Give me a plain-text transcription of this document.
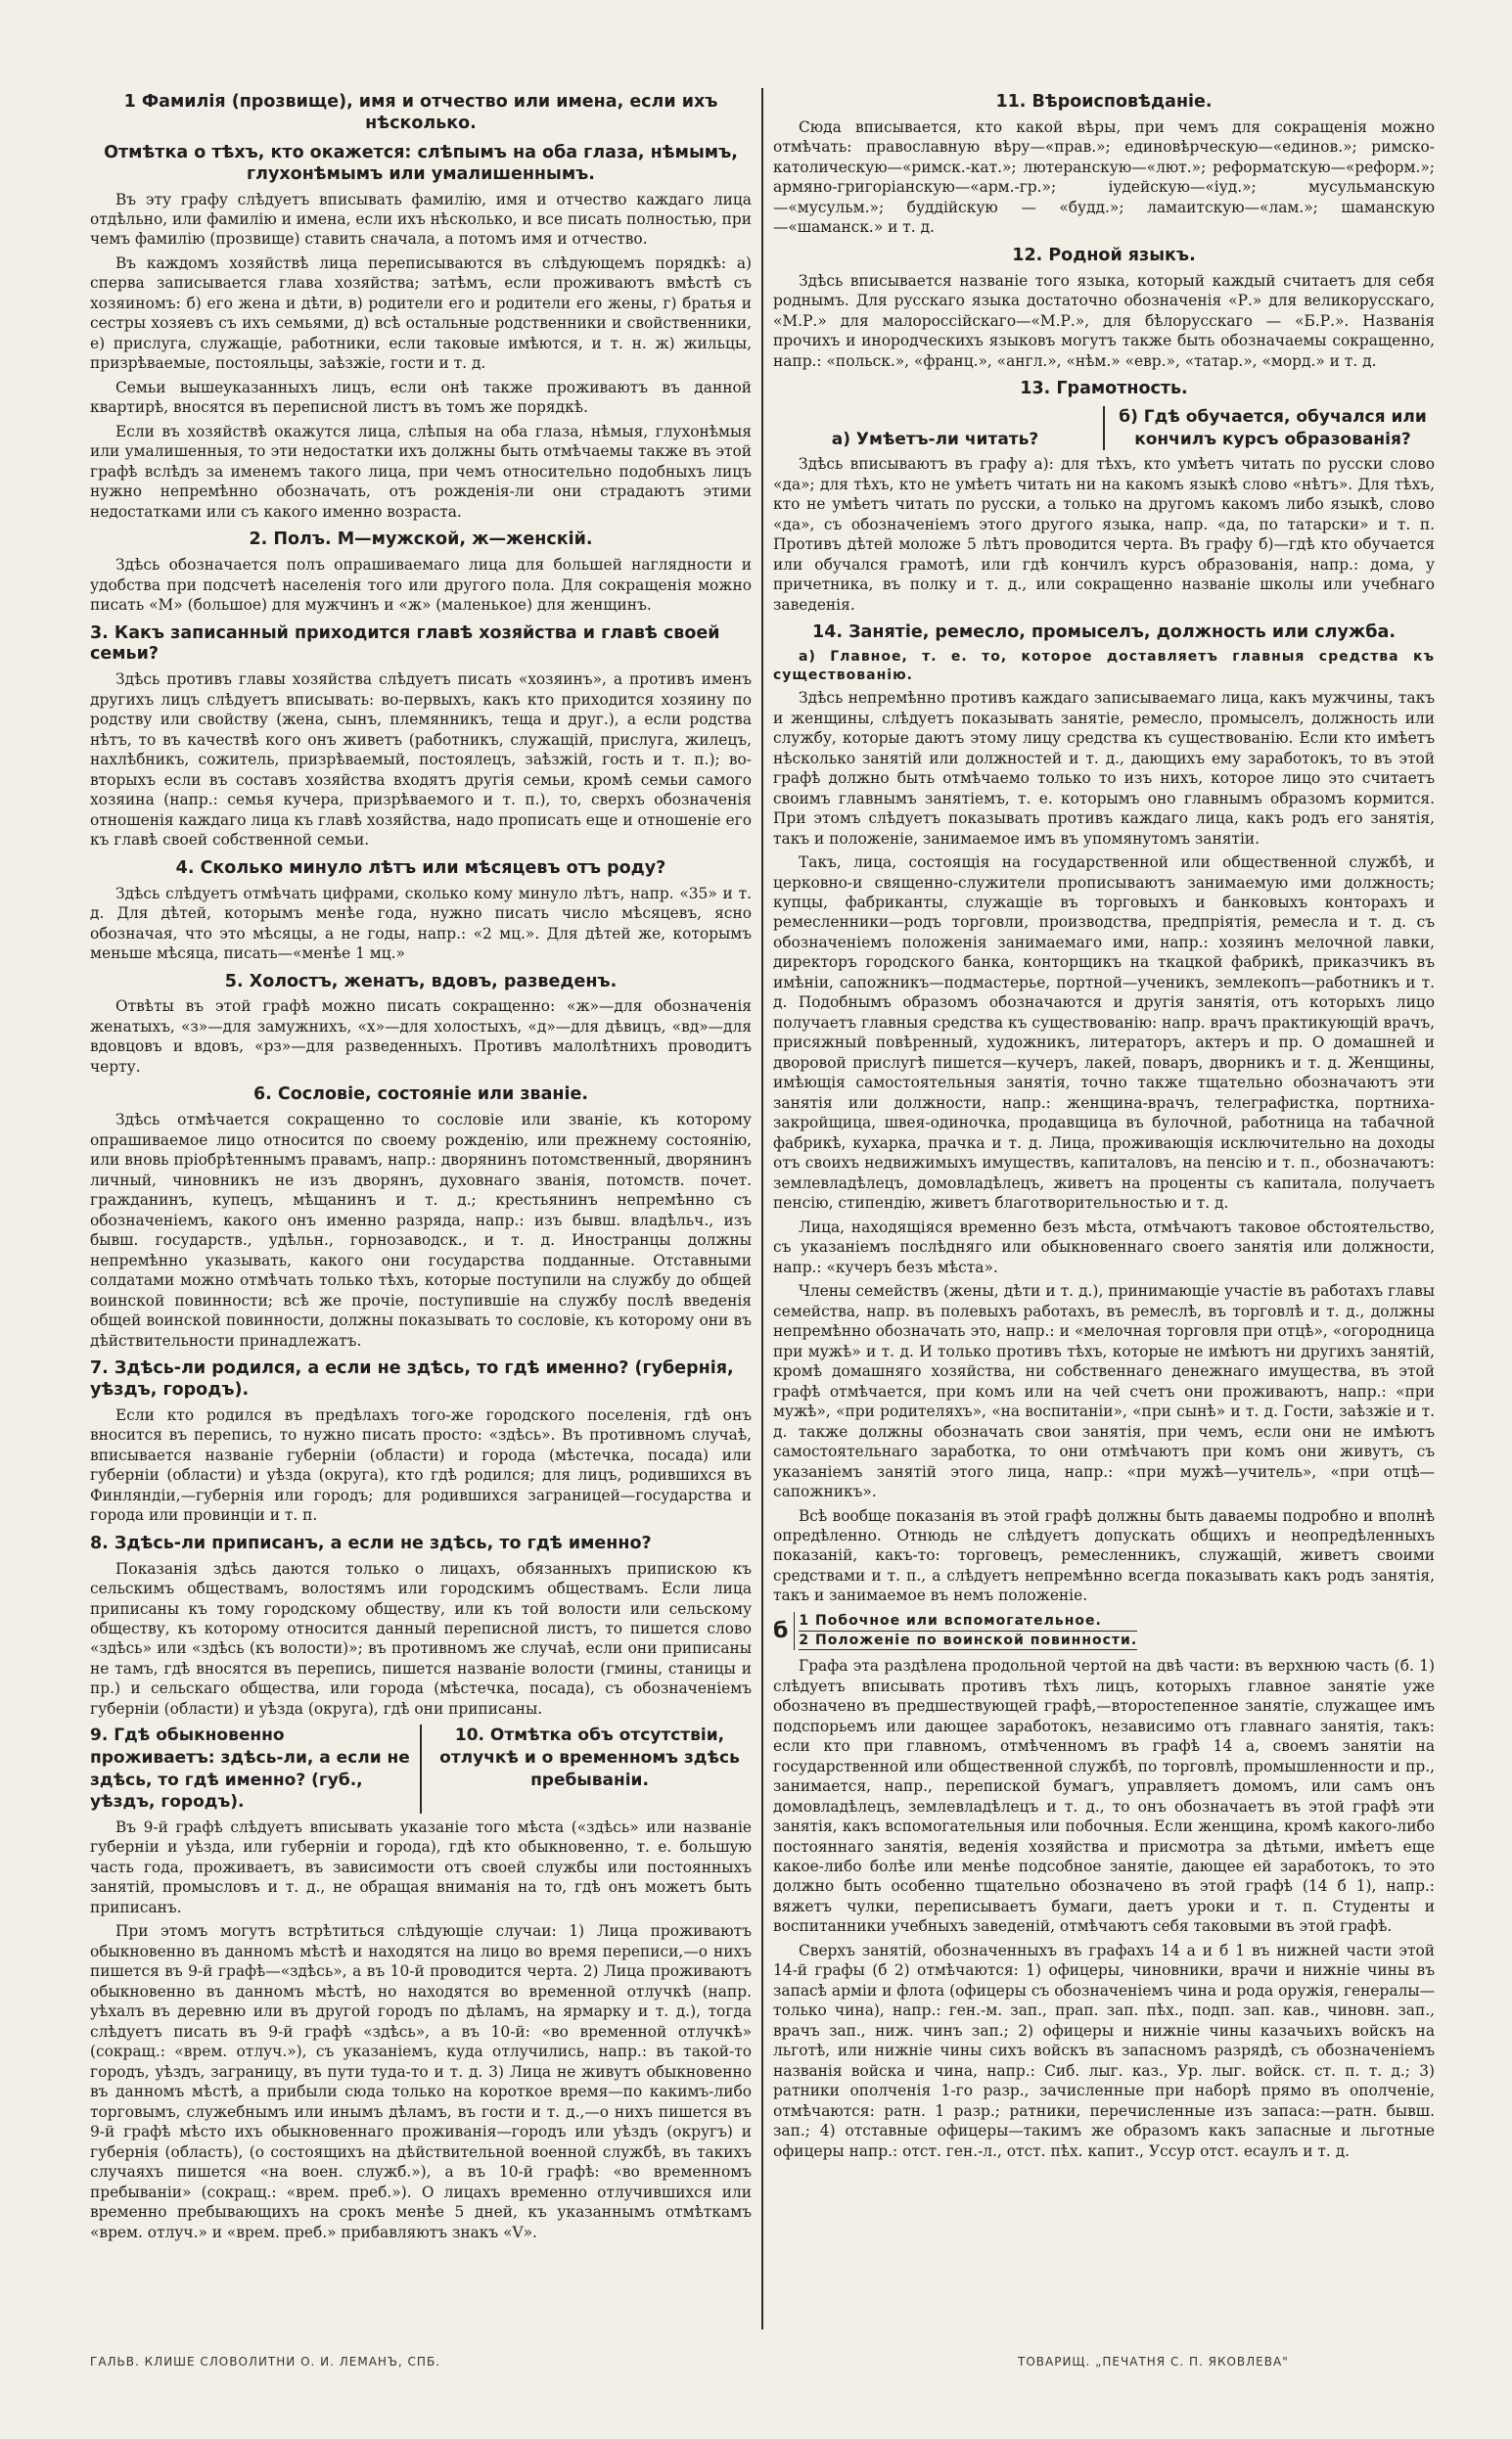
1 Фамилія (прозвище), имя и отчество или имена, если ихъ нѣсколько.
Отмѣтка о тѣхъ, кто окажется: слѣпымъ на оба глаза, нѣмымъ, глухонѣмымъ или умалишеннымъ.

Въ эту графу слѣдуетъ вписывать фамилію, имя и отчество каждаго лица отдѣльно, или фамилію и имена, если ихъ нѣсколько, и все писать полностью, при чемъ фамилію (прозвище) ставить сначала, а потомъ имя и отчество.

Въ каждомъ хозяйствѣ лица переписываются въ слѣдующемъ порядкѣ: а) сперва записывается глава хозяйства; затѣмъ, если проживаютъ вмѣстѣ съ хозяиномъ: б) его жена и дѣти, в) родители его и родители его жены, г) братья и сестры хозяевъ съ ихъ семьями, д) всѣ остальные родственники и свойственники, е) прислуга, служащіе, работники, если таковые имѣются, и т. н. ж) жильцы, призрѣваемые, постояльцы, заѣзжіе, гости и т. д.

Семьи вышеуказанныхъ лицъ, если онѣ также проживаютъ въ данной квартирѣ, вносятся въ переписной листъ въ томъ же порядкѣ.

Если въ хозяйствѣ окажутся лица, слѣпыя на оба глаза, нѣмыя, глухонѣмыя или умалишенныя, то эти недостатки ихъ должны быть отмѣчаемы также въ этой графѣ вслѣдъ за именемъ такого лица, при чемъ относительно подобныхъ лицъ нужно непремѣнно обозначать, отъ рожденія-ли они страдаютъ этими недостатками или съ какого именно возраста.

2. Полъ. М—мужской, ж—женскій.

Здѣсь обозначается полъ опрашиваемаго лица для большей наглядности и удобства при подсчетѣ населенія того или другого пола. Для сокращенія можно писать «М» (большое) для мужчинъ и «ж» (маленькое) для женщинъ.

3. Какъ записанный приходится главѣ хозяйства и главѣ своей семьи?

Здѣсь противъ главы хозяйства слѣдуетъ писать «хозяинъ», а противъ именъ другихъ лицъ слѣдуетъ вписывать: во-первыхъ, какъ кто приходится хозяину по родству или свойству (жена, сынъ, племянникъ, теща и друг.), а если родства нѣтъ, то въ качествѣ кого онъ живетъ (работникъ, служащій, прислуга, жилецъ, нахлѣбникъ, сожитель, призрѣваемый, постоялецъ, заѣзжій, гость и т. п.); во-вторыхъ если въ составъ хозяйства входятъ другія семьи, кромѣ семьи самого хозяина (напр.: семья кучера, призрѣваемого и т. п.), то, сверхъ обозначенія отношенія каждаго лица къ главѣ хозяйства, надо прописать еще и отношеніе его къ главѣ своей собственной семьи.

4. Сколько минуло лѣтъ или мѣсяцевъ отъ роду?

Здѣсь слѣдуетъ отмѣчать цифрами, сколько кому минуло лѣтъ, напр. «35» и т. д. Для дѣтей, которымъ менѣе года, нужно писать число мѣсяцевъ, ясно обозначая, что это мѣсяцы, а не годы, напр.: «2 мц.». Для дѣтей же, которымъ меньше мѣсяца, писать—«менѣе 1 мц.»

5. Холостъ, женатъ, вдовъ, разведенъ.

Отвѣты въ этой графѣ можно писать сокращенно: «ж»—для обозначенія женатыхъ, «з»—для замужнихъ, «х»—для холостыхъ, «д»—для дѣвицъ, «вд»—для вдовцовъ и вдовъ, «рз»—для разведенныхъ. Противъ малолѣтнихъ проводитъ черту.

6. Сословіе, состояніе или званіе.

Здѣсь отмѣчается сокращенно то сословіе или званіе, къ которому опрашиваемое лицо относится по своему рожденію, или прежнему состоянію, или вновь пріобрѣтеннымъ правамъ, напр.: дворянинъ потомственный, дворянинъ личный, чиновникъ не изъ дворянъ, духовнаго званія, потомств. почет. гражданинъ, купецъ, мѣщанинъ и т. д.; крестьянинъ непремѣнно съ обозначеніемъ, какого онъ именно разряда, напр.: изъ бывш. владѣльч., изъ бывш. государств., удѣльн., горнозаводск., и т. д. Иностранцы должны непремѣнно указывать, какого они государства подданные. Отставными солдатами можно отмѣчать только тѣхъ, которые поступили на службу до общей воинской повинности; всѣ же прочіе, поступившіе на службу послѣ введенія общей воинской повинности, должны показывать то сословіе, къ которому они въ дѣйствительности принадлежатъ.

7. Здѣсь-ли родился, а если не здѣсь, то гдѣ именно? (губернія, уѣздъ, городъ).

Если кто родился въ предѣлахъ того-же городского поселенія, гдѣ онъ вносится въ перепись, то нужно писать просто: «здѣсь». Въ противномъ случаѣ, вписывается названіе губерніи (области) и города (мѣстечка, посада) или губерніи (области) и уѣзда (округа), кто гдѣ родился; для лицъ, родившихся въ Финляндіи,—губернія или городъ; для родившихся заграницей—государства и города или провинціи и т. п.

8. Здѣсь-ли приписанъ, а если не здѣсь, то гдѣ именно?

Показанія здѣсь даются только о лицахъ, обязанныхъ припискою къ сельскимъ обществамъ, волостямъ или городскимъ обществамъ. Если лица приписаны къ тому городскому обществу, или къ той волости или сельскому обществу, къ которому относится данный переписной листъ, то пишется слово «здѣсь» или «здѣсь (къ волости)»; въ противномъ же случаѣ, если они приписаны не тамъ, гдѣ вносятся въ перепись, пишется названіе волости (гмины, станицы и пр.) и сельскаго общества, или города (мѣстечка, посада), съ обозначеніемъ губерніи (области) и уѣзда (округа), гдѣ они приписаны.

9. Гдѣ обыкновенно проживаетъ: здѣсь-ли, а если не здѣсь, то гдѣ именно? (губ., уѣздъ, городъ).
10. Отмѣтка объ отсутствіи, отлучкѣ и о временномъ здѣсь пребываніи.

Въ 9-й графѣ слѣдуетъ вписывать указаніе того мѣста («здѣсь» или названіе губерніи и уѣзда, или губерніи и города), гдѣ кто обыкновенно, т. е. большую часть года, проживаетъ, въ зависимости отъ своей службы или постоянныхъ занятій, промысловъ и т. д., не обращая вниманія на то, гдѣ онъ можетъ быть приписанъ.

При этомъ могутъ встрѣтиться слѣдующіе случаи: 1) Лица проживаютъ обыкновенно въ данномъ мѣстѣ и находятся на лицо во время переписи,—о нихъ пишется въ 9-й графѣ—«здѣсь», а въ 10-й проводится черта. 2) Лица проживаютъ обыкновенно въ данномъ мѣстѣ, но находятся во временной отлучкѣ (напр. уѣхалъ въ деревню или въ другой городъ по дѣламъ, на ярмарку и т. д.), тогда слѣдуетъ писать въ 9-й графѣ «здѣсь», а въ 10-й: «во временной отлучкѣ» (сокращ.: «врем. отлуч.»), съ указаніемъ, куда отлучились, напр.: въ такой-то городъ, уѣздъ, заграницу, въ пути туда-то и т. д. 3) Лица не живутъ обыкновенно въ данномъ мѣстѣ, а прибыли сюда только на короткое время—по какимъ-либо торговымъ, служебнымъ или инымъ дѣламъ, въ гости и т. д.,—о нихъ пишется въ 9-й графѣ мѣсто ихъ обыкновеннаго проживанія—городъ или уѣздъ (округъ) и губернія (область), (о состоящихъ на дѣйствительной военной службѣ, въ такихъ случаяхъ пишется «на воен. служб.»), а въ 10-й графѣ: «во временномъ пребываніи» (сокращ.: «врем. преб.»). О лицахъ временно отлучившихся или временно пребывающихъ на срокъ менѣе 5 дней, къ указаннымъ отмѣткамъ «врем. отлуч.» и «врем. преб.» прибавляютъ знакъ «V».

11. Вѣроисповѣданіе.

Сюда вписывается, кто какой вѣры, при чемъ для сокращенія можно отмѣчать: православную вѣру—«прав.»; единовѣрческую—«единов.»; римско-католическую—«римск.-кат.»; лютеранскую—«лют.»; реформатскую—«реформ.»; армяно-григоріанскую—«арм.-гр.»; іудейскую—«іуд.»; мусульманскую—«мусульм.»; буддійскую — «будд.»; ламаитскую—«лам.»; шаманскую—«шаманск.» и т. д.

12. Родной языкъ.

Здѣсь вписывается названіе того языка, который каждый считаетъ для себя роднымъ. Для русскаго языка достаточно обозначенія «Р.» для великорусскаго, «М.Р.» для малороссійскаго—«М.Р.», для бѣлорусскаго — «Б.Р.». Названія прочихъ и инородческихъ языковъ могутъ также быть обозначаемы сокращенно, напр.: «польск.», «франц.», «англ.», «нѣм.» «евр.», «татар.», «морд.» и т. д.

13. Грамотность.
а) Умѣетъ-ли читать?
б) Гдѣ обучается, обучался или кончилъ курсъ образованія?

Здѣсь вписываютъ въ графу а): для тѣхъ, кто умѣетъ читать по русски слово «да»; для тѣхъ, кто не умѣетъ читать ни на какомъ языкѣ слово «нѣтъ». Для тѣхъ, кто не умѣетъ читать по русски, а только на другомъ какомъ либо языкѣ, слово «да», съ обозначеніемъ этого другого языка, напр. «да, по татарски» и т. п. Противъ дѣтей моложе 5 лѣтъ проводится черта. Въ графу б)—гдѣ кто обучается или обучался грамотѣ, или гдѣ кончилъ курсъ образованія, напр.: дома, у причетника, въ полку и т. д., или сокращенно названіе школы или учебнаго заведенія.

14. Занятіе, ремесло, промыселъ, должность или служба.

а) Главное, т. е. то, которое доставляетъ главныя средства къ существованію.

Здѣсь непремѣнно противъ каждаго записываемаго лица, какъ мужчины, такъ и женщины, слѣдуетъ показывать занятіе, ремесло, промыселъ, должность или службу, которые даютъ этому лицу средства къ существованію. Если кто имѣетъ нѣсколько занятій или должностей и т. д., дающихъ ему заработокъ, то въ этой графѣ должно быть отмѣчаемо только то изъ нихъ, которое лицо это считаетъ своимъ главнымъ занятіемъ, т. е. которымъ оно главнымъ образомъ кормится. При этомъ слѣдуетъ показывать противъ каждаго лица, какъ родъ его занятія, такъ и положеніе, занимаемое имъ въ упомянутомъ занятіи.

Такъ, лица, состоящія на государственной или общественной службѣ, и церковно-и священно-служители прописываютъ занимаемую ими должность; купцы, фабриканты, служащіе въ торговыхъ и банковыхъ конторахъ и ремесленники—родъ торговли, производства, предпріятія, ремесла и т. д. съ обозначеніемъ положенія занимаемаго ими, напр.: хозяинъ мелочной лавки, директоръ городского банка, конторщикъ на ткацкой фабрикѣ, приказчикъ въ имѣніи, сапожникъ—подмастерье, портной—ученикъ, землекопъ—работникъ и т. д. Подобнымъ образомъ обозначаются и другія занятія, отъ которыхъ лицо получаетъ главныя средства къ существованію: напр. врачъ практикующій врачъ, присяжный повѣренный, художникъ, литераторъ, актеръ и пр. О домашней и дворовой прислугѣ пишется—кучеръ, лакей, поваръ, дворникъ и т. д. Женщины, имѣющія самостоятельныя занятія, точно также тщательно обозначаютъ эти занятія или должности, напр.: женщина-врачъ, телеграфистка, портниха-закройщица, швея-одиночка, продавщица въ булочной, работница на табачной фабрикѣ, кухарка, прачка и т. д. Лица, проживающія исключительно на доходы отъ своихъ недвижимыхъ имуществъ, капиталовъ, на пенсію и т. п., обозначаютъ: землевладѣлецъ, домовладѣлецъ, живетъ на проценты съ капитала, получаетъ пенсію, стипендію, живетъ благотворительностью и т. д.

Лица, находящіяся временно безъ мѣста, отмѣчаютъ таковое обстоятельство, съ указаніемъ послѣдняго или обыкновеннаго своего занятія или должности, напр.: «кучеръ безъ мѣста».

Члены семействъ (жены, дѣти и т. д.), принимающіе участіе въ работахъ главы семейства, напр. въ полевыхъ работахъ, въ ремеслѣ, въ торговлѣ и т. д., должны непремѣнно обозначать это, напр.: и «мелочная торговля при отцѣ», «огородница при мужѣ» и т. д. И только противъ тѣхъ, которые не имѣютъ ни другихъ занятій, кромѣ домашняго хозяйства, ни собственнаго денежнаго имущества, въ этой графѣ отмѣчается, при комъ или на чей счетъ они проживаютъ, напр.: «при мужѣ», «при родителяхъ», «на воспитаніи», «при сынѣ» и т. д. Гости, заѣзжіе и т. д. также должны обозначать свои занятія, при чемъ, если они не имѣютъ самостоятельнаго заработка, то они отмѣчаютъ при комъ они живутъ, съ указаніемъ занятій этого лица, напр.: «при мужѣ—учитель», «при отцѣ—сапожникъ».

Всѣ вообще показанія въ этой графѣ должны быть даваемы подробно и вполнѣ опредѣленно. Отнюдь не слѣдуетъ допускать общихъ и неопредѣленныхъ показаній, какъ-то: торговецъ, ремесленникъ, служащій, живетъ своими средствами и т. п., а слѣдуетъ непремѣнно всегда показывать какъ родъ занятія, такъ и занимаемое въ немъ положеніе.

б 1 Побочное или вспомогательное.
2 Положеніе по воинской повинности.

Графа эта раздѣлена продольной чертой на двѣ части: въ верхнюю часть (б. 1) слѣдуетъ вписывать противъ тѣхъ лицъ, которыхъ главное занятіе уже обозначено въ предшествующей графѣ,—второстепенное занятіе, служащее имъ подспорьемъ или дающее заработокъ, независимо отъ главнаго занятія, такъ: если кто при главномъ, отмѣченномъ въ графѣ 14 а, своемъ занятіи на государственной или общественной службѣ, по торговлѣ, промышленности и пр., занимается, напр., перепиской бумагъ, управляетъ домомъ, или самъ онъ домовладѣлецъ, землевладѣлецъ и т. д., то онъ обозначаетъ въ этой графѣ эти занятія, какъ вспомогательныя или побочныя. Если женщина, кромѣ какого-либо постояннаго занятія, веденія хозяйства и присмотра за дѣтьми, имѣетъ еще какое-либо болѣе или менѣе подсобное занятіе, дающее ей заработокъ, то это должно быть особенно тщательно обозначено въ этой графѣ (14 б 1), напр.: вяжетъ чулки, переписываетъ бумаги, даетъ уроки и т. п. Студенты и воспитанники учебныхъ заведеній, отмѣчаютъ себя таковыми въ этой графѣ.

Сверхъ занятій, обозначенныхъ въ графахъ 14 а и б 1 въ нижней части этой 14-й графы (б 2) отмѣчаются: 1) офицеры, чиновники, врачи и нижніе чины въ запасѣ арміи и флота (офицеры съ обозначеніемъ чина и рода оружія, генералы—только чина), напр.: ген.-м. зап., прап. зап. пѣх., подп. зап. кав., чиновн. зап., врачъ зап., ниж. чинъ зап.; 2) офицеры и нижніе чины казачьихъ войскъ на льготѣ, или нижніе чины сихъ войскъ въ запасномъ разрядѣ, съ обозначеніемъ названія войска и чина, напр.: Сиб. лыг. каз., Ур. лыг. войск. ст. п. т. д.; 3) ратники ополченія 1-го разр., зачисленные при наборѣ прямо въ ополченіе, отмѣчаются: ратн. 1 разр.; ратники, перечисленные изъ запаса:—ратн. бывш. зап.; 4) отставные офицеры—такимъ же образомъ какъ запасные и льготные офицеры напр.: отст. ген.-л., отст. пѣх. капит., Уссур отст. есаулъ и т. д.

ГАЛЬВ. КЛИШЕ СЛОВОЛИТНИ О. И. ЛЕМАНЪ, СПБ.	ТОВАРИЩ. „ПЕЧАТНЯ С. П. ЯКОВЛЕВА"
